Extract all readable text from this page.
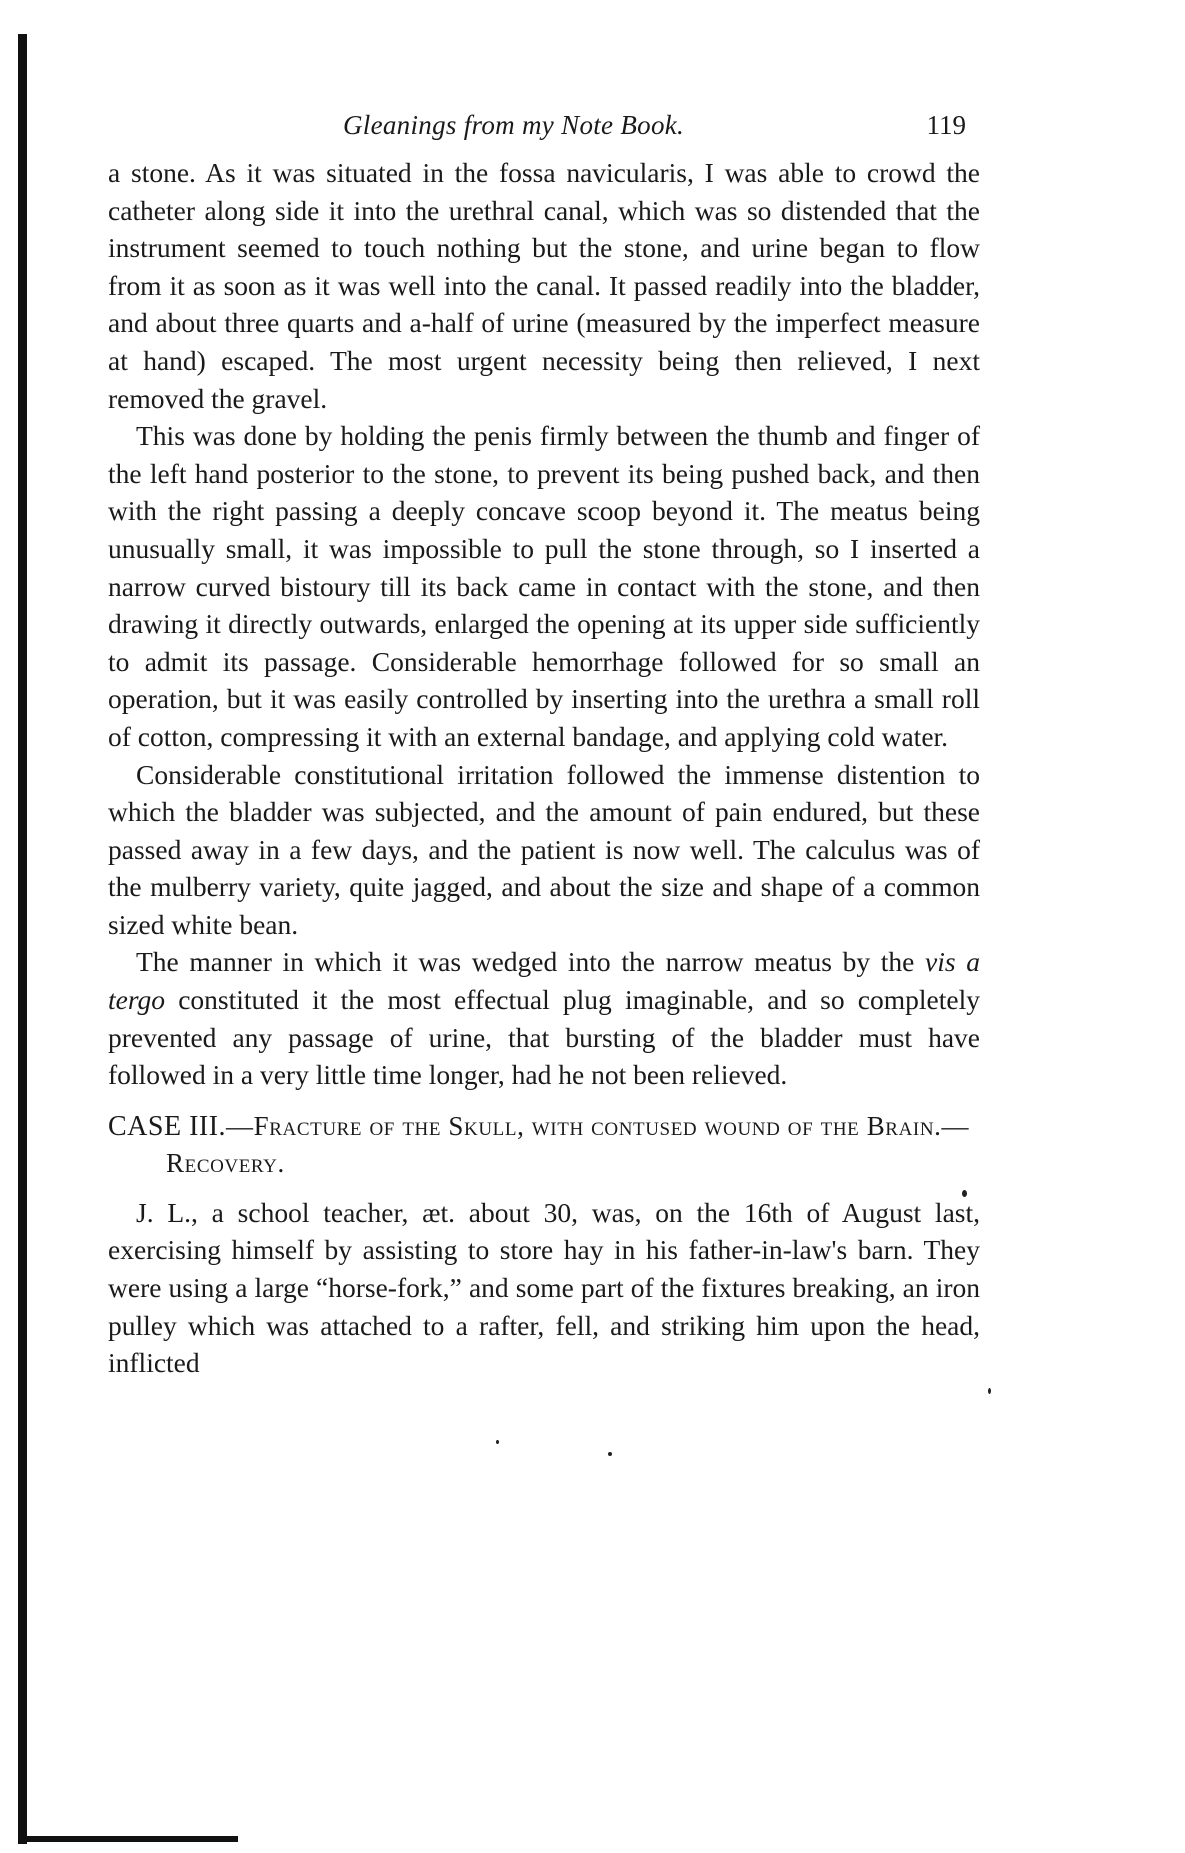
Gleanings from my Note Book.	119

a stone. As it was situated in the fossa navicularis, I was able to crowd the catheter along side it into the urethral canal, which was so distended that the instrument seemed to touch nothing but the stone, and urine began to flow from it as soon as it was well into the canal. It passed readily into the bladder, and about three quarts and a-half of urine (measured by the imperfect measure at hand) escaped. The most urgent necessity being then relieved, I next removed the gravel.

This was done by holding the penis firmly between the thumb and finger of the left hand posterior to the stone, to prevent its being pushed back, and then with the right passing a deeply concave scoop beyond it. The meatus being unusually small, it was impossible to pull the stone through, so I inserted a narrow curved bistoury till its back came in contact with the stone, and then drawing it directly outwards, enlarged the opening at its upper side sufficiently to admit its passage. Considerable hemorrhage followed for so small an operation, but it was easily controlled by inserting into the urethra a small roll of cotton, compressing it with an external bandage, and applying cold water.

Considerable constitutional irritation followed the immense distention to which the bladder was subjected, and the amount of pain endured, but these passed away in a few days, and the patient is now well. The calculus was of the mulberry variety, quite jagged, and about the size and shape of a common sized white bean.

The manner in which it was wedged into the narrow meatus by the vis a tergo constituted it the most effectual plug imaginable, and so completely prevented any passage of urine, that bursting of the bladder must have followed in a very little time longer, had he not been relieved.

CASE III.—Fracture of the Skull, with contused wound of the Brain.—Recovery.

J. L., a school teacher, æt. about 30, was, on the 16th of August last, exercising himself by assisting to store hay in his father-in-law's barn. They were using a large “horse-fork,” and some part of the fixtures breaking, an iron pulley which was attached to a rafter, fell, and striking him upon the head, inflicted
